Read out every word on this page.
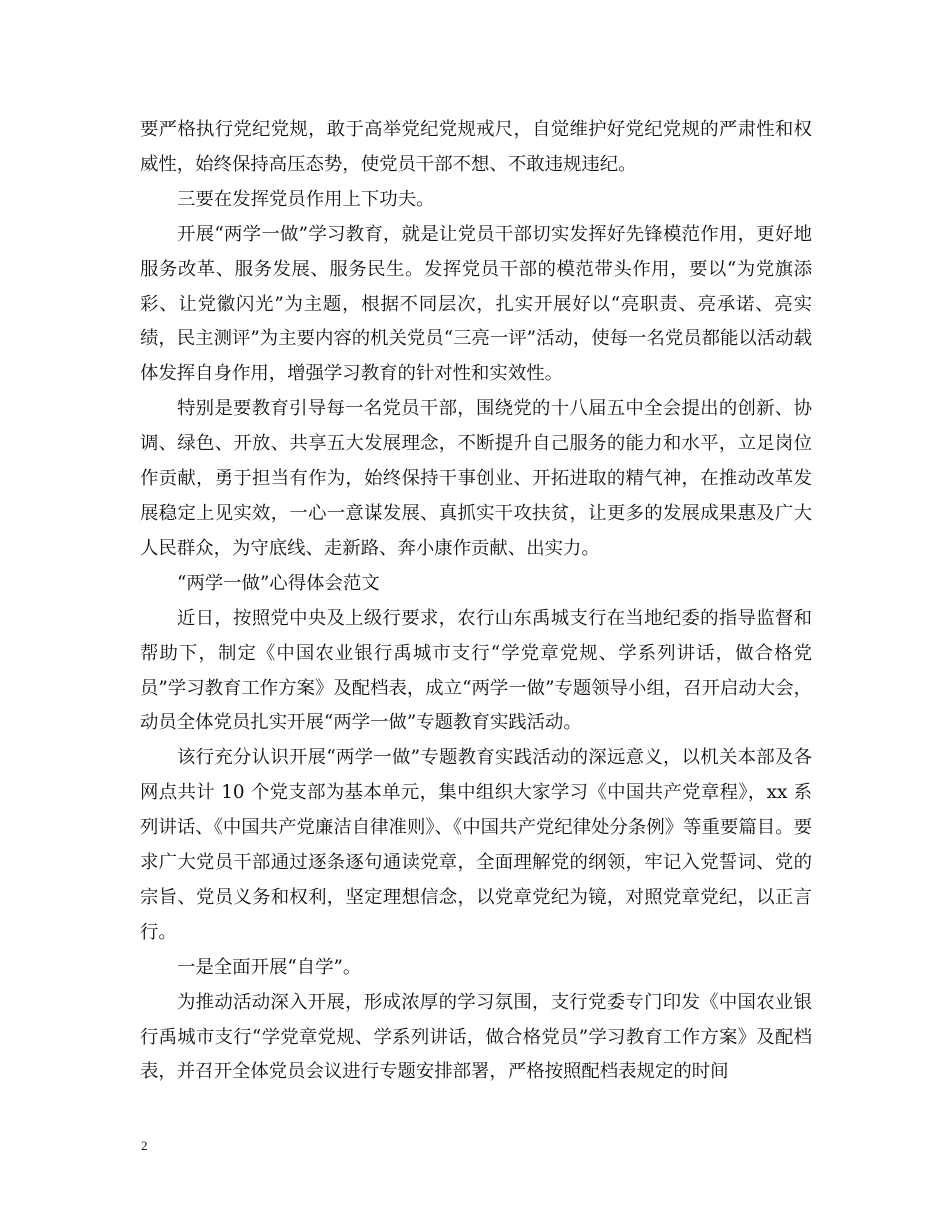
要严格执行党纪党规，敢于高举党纪党规戒尺，自觉维护好党纪党规的严肃性和权威性，始终保持高压态势，使党员干部不想、不敢违规违纪。

三要在发挥党员作用上下功夫。

开展“两学一做”学习教育，就是让党员干部切实发挥好先锋模范作用，更好地服务改革、服务发展、服务民生。发挥党员干部的模范带头作用，要以“为党旗添彩、让党徽闪光”为主题，根据不同层次，扎实开展好以“亮职责、亮承诺、亮实绩，民主测评”为主要内容的机关党员“三亮一评”活动，使每一名党员都能以活动载体发挥自身作用，增强学习教育的针对性和实效性。

特别是要教育引导每一名党员干部，围绕党的十八届五中全会提出的创新、协调、绿色、开放、共享五大发展理念，不断提升自己服务的能力和水平，立足岗位作贡献，勇于担当有作为，始终保持干事创业、开拓进取的精气神，在推动改革发展稳定上见实效，一心一意谋发展、真抓实干攻扶贫，让更多的发展成果惠及广大人民群众，为守底线、走新路、奔小康作贡献、出实力。

“两学一做”心得体会范文

近日，按照党中央及上级行要求，农行山东禹城支行在当地纪委的指导监督和帮助下，制定《中国农业银行禹城市支行“学党章党规、学系列讲话，做合格党员”学习教育工作方案》及配档表，成立“两学一做”专题领导小组，召开启动大会，动员全体党员扎实开展“两学一做”专题教育实践活动。

该行充分认识开展“两学一做”专题教育实践活动的深远意义，以机关本部及各网点共计 10 个党支部为基本单元，集中组织大家学习《中国共产党章程》，xx 系列讲话、《中国共产党廉洁自律准则》、《中国共产党纪律处分条例》等重要篇目。要求广大党员干部通过逐条逐句通读党章，全面理解党的纲领，牢记入党誓词、党的宗旨、党员义务和权利，坚定理想信念，以党章党纪为镜，对照党章党纪，以正言行。

一是全面开展“自学”。

为推动活动深入开展，形成浓厚的学习氛围，支行党委专门印发《中国农业银行禹城市支行“学党章党规、学系列讲话，做合格党员”学习教育工作方案》及配档表，并召开全体党员会议进行专题安排部署，严格按照配档表规定的时间

2
